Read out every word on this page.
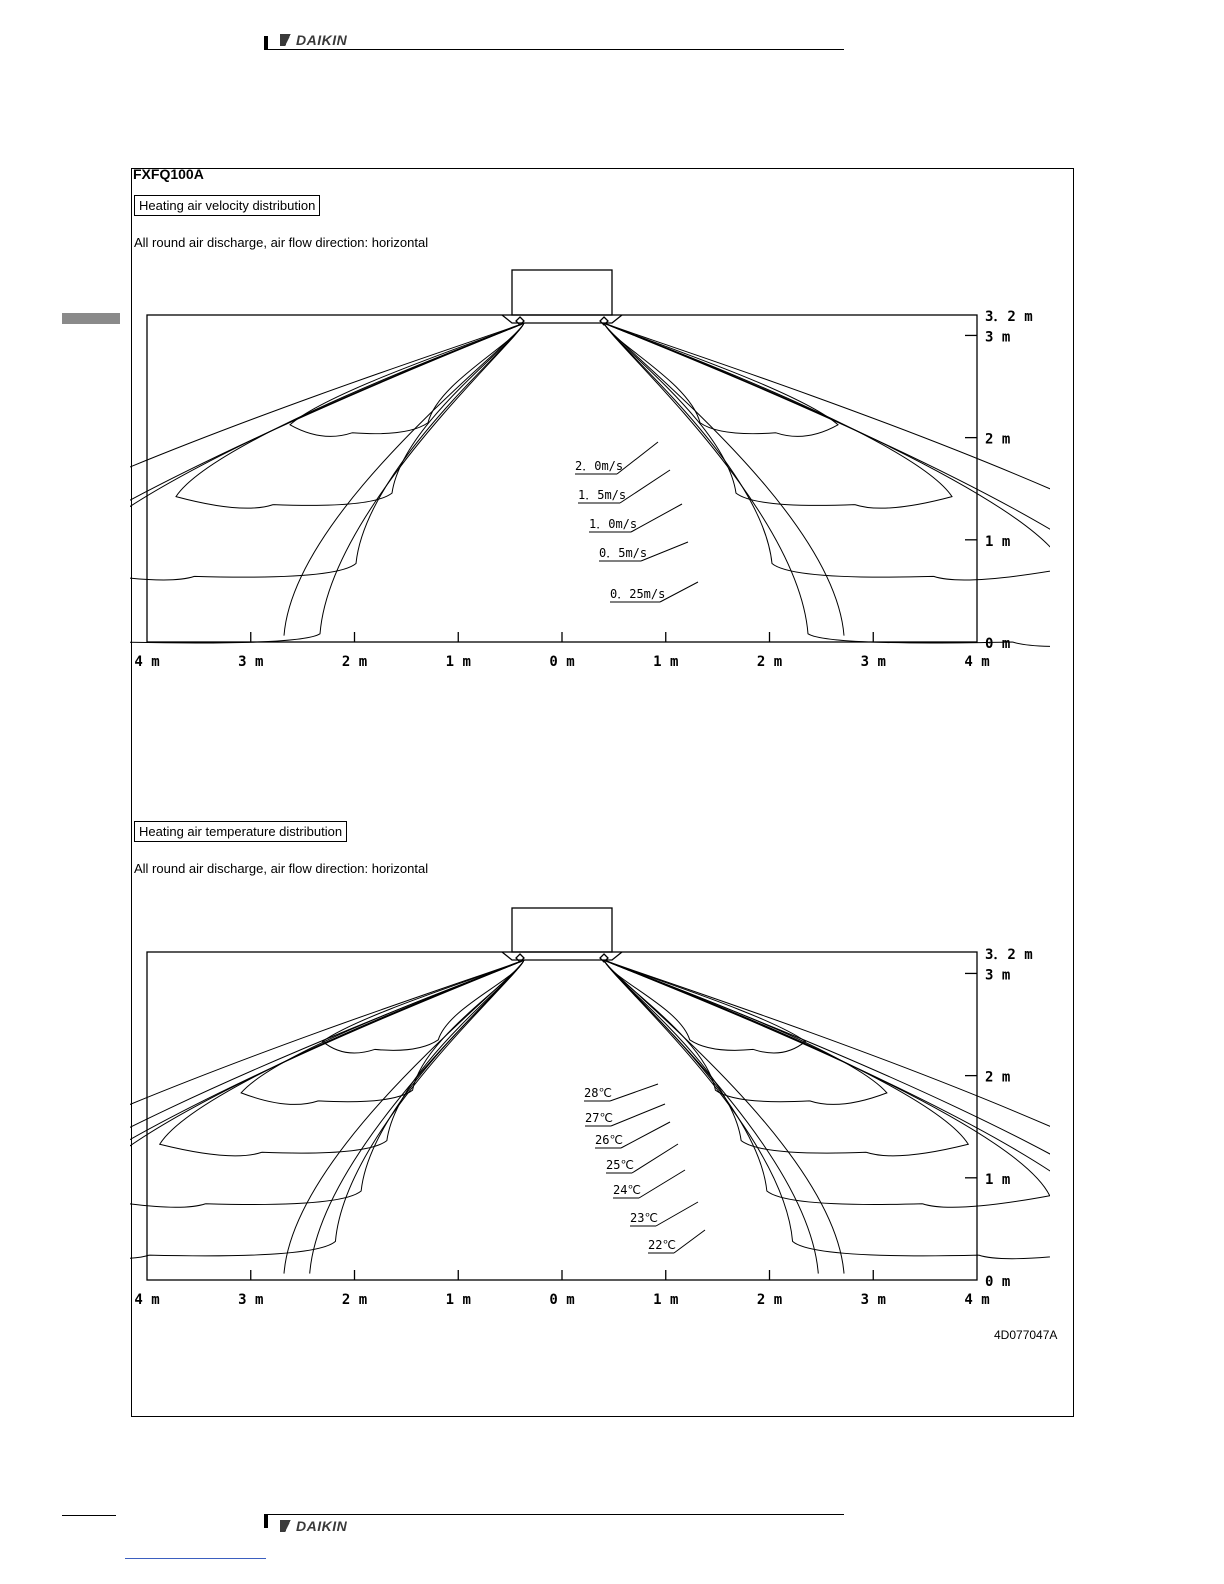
DAIKIN
FXFQ100A
Heating air velocity distribution
All round air discharge, air flow direction: horizontal
4 m	3 m	2 m	1 m	0 m	1 m	2 m	3 m	4 m
3．2 m
3 m
2 m
1 m
0 m
2．0m/s
1．5m/s
1．0m/s
0．5m/s
0．25m/s
Heating air temperature distribution
All round air discharge, air flow direction: horizontal
4 m	3 m	2 m	1 m	0 m	1 m	2 m	3 m	4 m
3．2 m
3 m
2 m
1 m
0 m
28℃
27℃
26℃
25℃
24℃
23℃
22℃
4D077047A
DAIKIN
